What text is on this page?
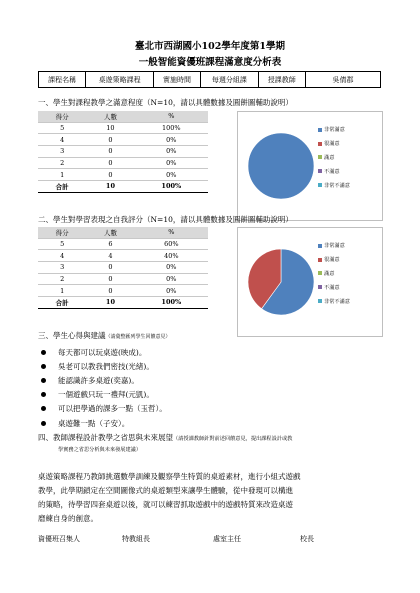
臺北市西湖國小102學年度第1學期
一般智能資優班課程滿意度分析表
課程名稱	桌遊策略課程	實施時間	每週分組課	授課教師	吳倩郡
一、學生對課程教學之滿意程度（N=10，請以具體數據及圓餅圖輔助說明）
得分	人數	%
5	10	100%
4	0	0%
3	0	0%
2	0	0%
1	0	0%
合計	10	100%
非常滿意
很滿意
滿意
不滿意
非常不滿意
二、學生對學習表現之自我評分（N=10，請以具體數據及圓餅圖輔助說明）
得分	人數	%
5	6	60%
4	4	40%
3	0	0%
2	0	0%
1	0	0%
合計	10	100%
非常滿意
很滿意
滿意
不滿意
非常不滿意
三、學生心得與建議（請彙整匯列學生回饋意見）
每天都可以玩桌遊(映成)。
吳老可以教我們密技(光緒)。
能認識許多桌遊(奕嘉)。
一個遊戲只玩一禮拜(元凱)。
可以把學過的課多一點（玉哲）。
桌遊難一點（子安）。
四、教師課程設計教學之省思與未來展望（請授課教師針對前述回饋意見，提出課程設計或教
學實務之省思分析與未來發展建議）
桌遊策略課程乃教師挑選數學訓練及觀察學生特質的桌遊素材，進行小組式遊戲
教學，此學期鎖定在空間圖像式的桌遊類型來讓學生體驗，從中發現可以構進
的策略，待學習四套桌遊以後，就可以練習抓取遊戲中的遊戲特質來改造桌遊
磨練自身的創意。
資優班召集人	特教組長	處室主任	校長
